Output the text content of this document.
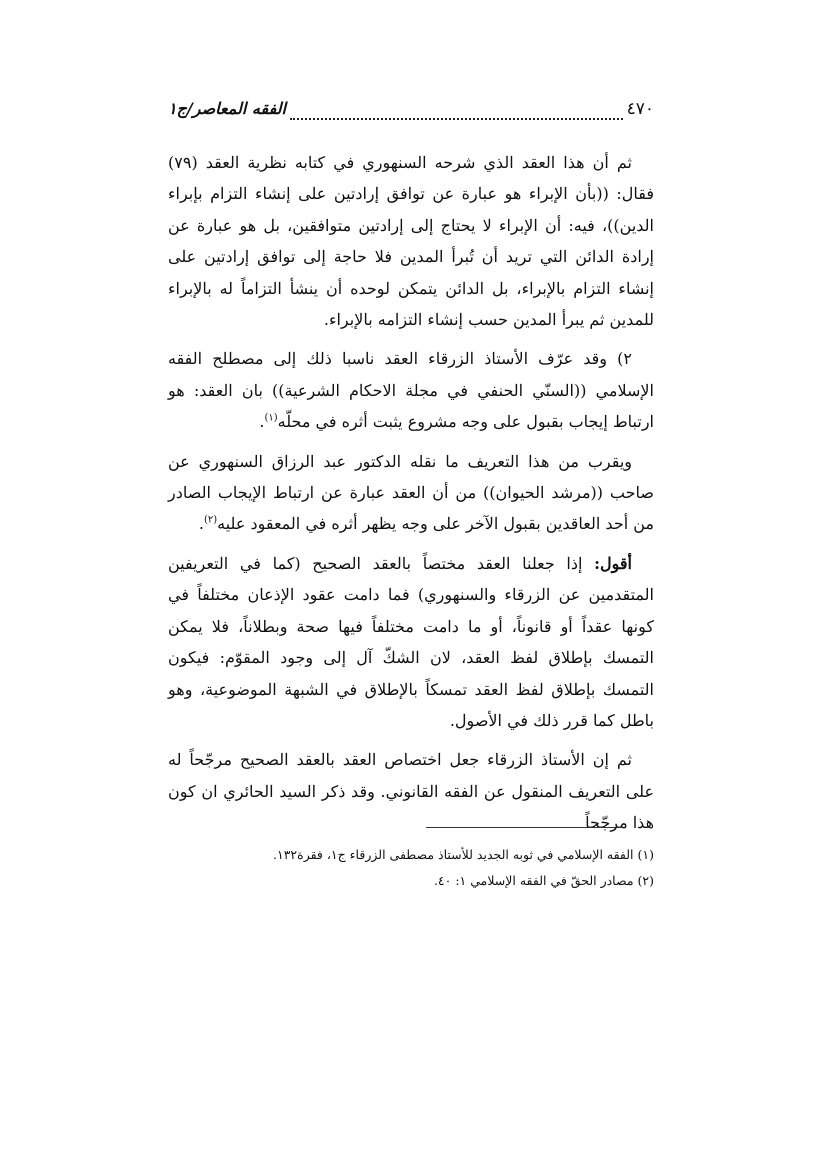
٤٧٠
الفقه المعاصر/ج١

ثم أن هذا العقد الذي شرحه السنهوري في كتابه نظرية العقد (٧٩) فقال: ((بأن الإبراء هو عبارة عن توافق إرادتين على إنشاء التزام بإبراء الدين))، فيه: أن الإبراء لا يحتاج إلى إرادتين متوافقين، بل هو عبارة عن إرادة الدائن التي تريد أن تُبرأ المدين فلا حاجة إلى توافق إرادتين على إنشاء التزام بالإبراء، بل الدائن يتمكن لوحده أن ينشأ التزاماً له بالإبراء للمدين ثم يبرأ المدين حسب إنشاء التزامه بالإبراء.

٢) وقد عرّف الأستاذ الزرقاء العقد ناسبا ذلك إلى مصطلح الفقه الإسلامي ((السنّي الحنفي في مجلة الاحكام الشرعية)) بان العقد: هو ارتباط إيجاب بقبول على وجه مشروع يثبت أثره في محلّه$^{(١)}$.

ويقرب من هذا التعريف ما نقله الدكتور عبد الرزاق السنهوري عن صاحب ((مرشد الحيوان)) من أن العقد عبارة عن ارتباط الإيجاب الصادر من أحد العاقدين بقبول الآخر على وجه يظهر أثره في المعقود عليه$^{(٢)}$.

أقول: إذا جعلنا العقد مختصاً بالعقد الصحيح (كما في التعريفين المتقدمين عن الزرقاء والسنهوري) فما دامت عقود الإذعان مختلفاً في كونها عقداً أو قانوناً، أو ما دامت مختلفاً فيها صحة وبطلاناً، فلا يمكن التمسك بإطلاق لفظ العقد، لان الشكّ آل إلى وجود المقوّم: فيكون التمسك بإطلاق لفظ العقد تمسكاً بالإطلاق في الشبهة الموضوعية، وهو باطل كما قرر ذلك في الأصول.

ثم إن الأستاذ الزرقاء جعل اختصاص العقد بالعقد الصحيح مرجّحاً له على التعريف المنقول عن الفقه القانوني. وقد ذكر السيد الحائري ان كون هذا مرجّحاً

(١) الفقه الإسلامي في ثوبه الجديد للأستاذ مصطفى الزرقاء ج١، فقرة١٣٢.

(٢) مصادر الحقّ في الفقه الإسلامي ١: ٤٠.
